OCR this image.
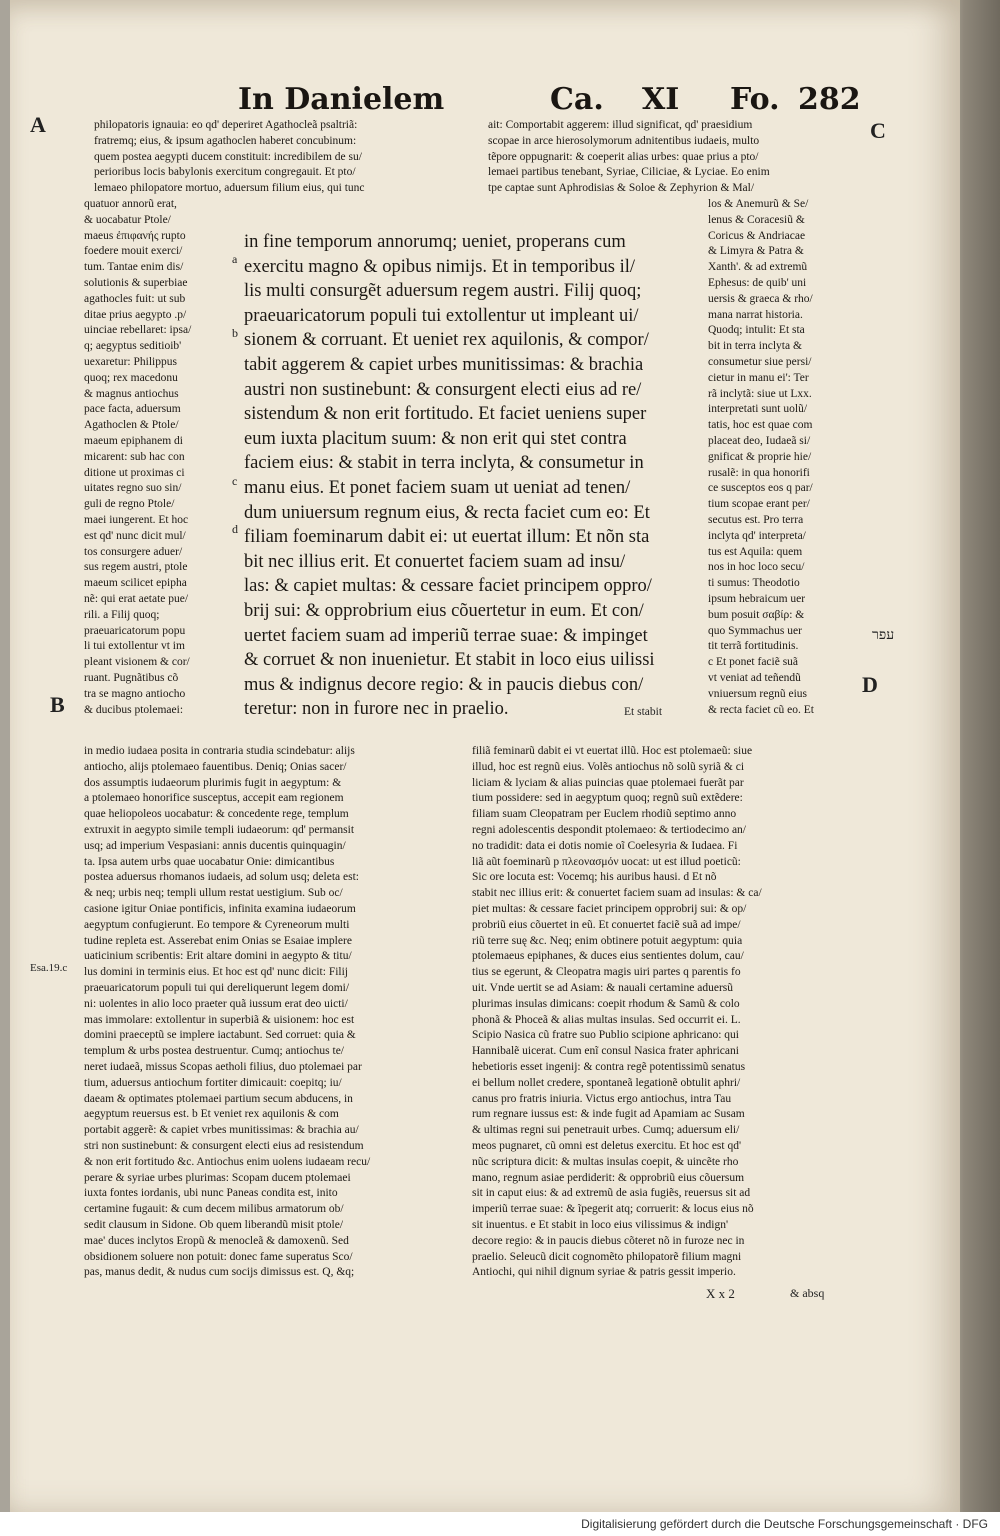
In Danielem	Ca. XI Fo. 282
A	C
B
D
philopatoris ignauia: eo qd' deperiret Agathocleã psaltriã:
fratremq; eius, & ipsum agathoclen haberet concubinum:
quem postea aegypti ducem constituit: incredibilem de su/
perioribus locis babylonis exercitum congregauit. Et pto/
lemaeo philopatore mortuo, aduersum filium eius, qui tunc
ait: Comportabit aggerem: illud significat, qd' praesidium
scopae in arce hierosolymorum adnitentibus iudaeis, multo
tẽpore oppugnarit: & coeperit alias urbes: quae prius a pto/
lemaei partibus tenebant, Syriae, Ciliciae, & Lyciae. Eo enim
tpe captae sunt Aphrodisias & Soloe & Zephyrion & Mal/
quatuor annorũ erat,
& uocabatur Ptole/
maeus ἐπιφανής rupto
foedere mouit exerci/
tum. Tantae enim dis/
solutionis & superbiae
agathocles fuit: ut sub
ditae prius aegypto .p/
uinciae rebellaret: ipsa/
q; aegyptus seditioib'
uexaretur: Philippus
quoq; rex macedonu
& magnus antiochus
pace facta, aduersum
Agathoclen & Ptole/
maeum epiphanem di
micarent: sub hac con
ditione ut proximas ci
uitates regno suo sin/
guli de regno Ptole/
maei iungerent. Et hoc
est qd' nunc dicit mul/
tos consurgere aduer/
sus regem austri, ptole
maeum scilicet epipha
nẽ: qui erat aetate pue/
rili. a Filij quoq;
praeuaricatorum popu
li tui extollentur vt im
pleant visionem & cor/
ruant. Pugnãtibus cõ
tra se magno antiocho
& ducibus ptolemaei:
a
b
c
d
in fine temporum annorumq; ueniet, properans cum
exercitu magno & opibus nimijs. Et in temporibus il/
lis multi consurgẽt aduersum regem austri. Filij quoq;
praeuaricatorum populi tui extollentur ut impleant ui/
sionem & corruant. Et ueniet rex aquilonis, & compor/
tabit aggerem & capiet urbes munitissimas: & brachia
austri non sustinebunt: & consurgent electi eius ad re/
sistendum & non erit fortitudo. Et faciet ueniens super
eum iuxta placitum suum: & non erit qui stet contra
faciem eius: & stabit in terra inclyta, & consumetur in
manu eius. Et ponet faciem suam ut ueniat ad tenen/
dum uniuersum regnum eius, & recta faciet cum eo: Et
filiam foeminarum dabit ei: ut euertat illum: Et nõn sta
bit nec illius erit. Et conuertet faciem suam ad insu/
las: & capiet multas: & cessare faciet principem oppro/
brij sui: & opprobrium eius cõuertetur in eum. Et con/
uertet faciem suam ad imperiũ terrae suae: & impinget
& corruet & non inuenietur. Et stabit in loco eius uilissi
mus & indignus decore regio: & in paucis diebus con/
teretur: non in furore nec in praelio.
los & Anemurũ & Se/
lenus & Coracesiũ &
Coricus & Andriacae
& Limyra & Patra &
Xanth'. & ad extremũ
Ephesus: de quib' uni
uersis & graeca & rho/
mana narrat historia.
Quodq; intulit: Et sta
bit in terra inclyta &
consumetur siue persi/
cietur in manu ei': Ter
rã inclytã: siue ut Lxx.
interpretati sunt uolũ/
tatis, hoc est quae com
placeat deo, Iudaeã si/
gnificat & proprie hie/
rusalẽ: in qua honorifi
ce susceptos eos q par/
tium scopae erant per/
secutus est. Pro terra
inclyta qd' interpreta/
tus est Aquila: quem
nos in hoc loco secu/
ti sumus: Theodotio
ipsum hebraicum uer
bum posuit σαβίρ: &
quo Symmachus uer
tit terrã fortitudinis.
c Et ponet faciẽ suã
vt veniat ad teñendũ
vniuersum regnũ eius
& recta faciet cũ eo. Et
עפר
Et stabit
Esa.19.c
in medio iudaea posita in contraria studia scindebatur: alijs
antiocho, alijs ptolemaeo fauentibus. Deniq; Onias sacer/
dos assumptis iudaeorum plurimis fugit in aegyptum: &
a ptolemaeo honorifice susceptus, accepit eam regionem
quae heliopoleos uocabatur: & concedente rege, templum
extruxit in aegypto simile templi iudaeorum: qd' permansit
usq; ad imperium Vespasiani: annis ducentis quinquagin/
ta. Ipsa autem urbs quae uocabatur Onie: dimicantibus
postea aduersus rhomanos iudaeis, ad solum usq; deleta est:
& neq; urbis neq; templi ullum restat uestigium. Sub oc/
casione igitur Oniae pontificis, infinita examina iudaeorum
aegyptum confugierunt. Eo tempore & Cyreneorum multi
tudine repleta est. Asserebat enim Onias se Esaiae implere
uaticinium scribentis: Erit altare domini in aegypto & titu/
lus domini in terminis eius. Et hoc est qd' nunc dicit: Filij
praeuaricatorum populi tui qui dereliquerunt legem domi/
ni: uolentes in alio loco praeter quã iussum erat deo uicti/
mas immolare: extollentur in superbiã & uisionem: hoc est
domini praeceptũ se implere iactabunt. Sed corruet: quia &
templum & urbs postea destruentur. Cumq; antiochus te/
neret iudaeã, missus Scopas aetholi filius, duo ptolemaei par
tium, aduersus antiochum fortiter dimicauit: coepitq; iu/
daeam & optimates ptolemaei partium secum abducens, in
aegyptum reuersus est. b Et veniet rex aquilonis & com
portabit aggerẽ: & capiet vrbes munitissimas: & brachia au/
stri non sustinebunt: & consurgent electi eius ad resistendum
& non erit fortitudo &c. Antiochus enim uolens iudaeam recu/
perare & syriae urbes plurimas: Scopam ducem ptolemaei
iuxta fontes iordanis, ubi nunc Paneas condita est, inito
certamine fugauit: & cum decem milibus armatorum ob/
sedit clausum in Sidone. Ob quem liberandũ misit ptole/
mae' duces inclytos Eropũ & menocleã & damoxenũ. Sed
obsidionem soluere non potuit: donec fame superatus Sco/
pas, manus dedit, & nudus cum socijs dimissus est. Q, &q;
filiã feminarũ dabit ei vt euertat illũ. Hoc est ptolemaeũ: siue
illud, hoc est regnũ eius. Volẽs antiochus nõ solũ syriã & ci
liciam & lyciam & alias puincias quae ptolemaei fuerãt par
tium possidere: sed in aegyptum quoq; regnũ suũ extẽdere:
filiam suam Cleopatram per Euclem rhodiũ septimo anno
regni adolescentis despondit ptolemaeo: & tertiodecimo an/
no tradidit: data ei dotis nomie oĩ Coelesyria & Iudaea. Fi
liã aũt foeminarũ p πλεονασμόν uocat: ut est illud poeticũ:
Sic ore locuta est: Vocemq; his auribus hausi. d Et nõ
stabit nec illius erit: & conuertet faciem suam ad insulas: & ca/
piet multas: & cessare faciet principem opprobrij sui: & op/
probriũ eius cõuertet in eũ. Et conuertet faciẽ suã ad impe/
riũ terre suę &c. Neq; enim obtinere potuit aegyptum: quia
ptolemaeus epiphanes, & duces eius sentientes dolum, cau/
tius se egerunt, & Cleopatra magis uiri partes q parentis fo
uit. Vnde uertit se ad Asiam: & nauali certamine aduersũ
plurimas insulas dimicans: coepit rhodum & Samũ & colo
phonã & Phoceã & alias multas insulas. Sed occurrit ei. L.
Scipio Nasica cũ fratre suo Publio scipione aphricano: qui
Hannibalẽ uicerat. Cum enĩ consul Nasica frater aphricani
hebetioris esset ingenij: & contra regẽ potentissimũ senatus
ei bellum nollet credere, spontaneã legationẽ obtulit aphri/
canus pro fratris iniuria. Victus ergo antiochus, intra Tau
rum regnare iussus est: & inde fugit ad Apamiam ac Susam
& ultimas regni sui penetrauit urbes. Cumq; aduersum eli/
meos pugnaret, cũ omni est deletus exercitu. Et hoc est qd'
nũc scriptura dicit: & multas insulas coepit, & uincẽte rho
mano, regnum asiae perdiderit: & opprobriũ eius cõuersum
sit in caput eius: & ad extremũ de asia fugiẽs, reuersus sit ad
imperiũ terrae suae: & ĩpegerit atq; corruerit: & locus eius nõ
sit inuentus. e Et stabit in loco eius vilissimus & indign'
decore regio: & in paucis diebus cõteret nõ in furoze nec in
praelio. Seleucũ dicit cognomẽto philopatorẽ filium magni
Antiochi, qui nihil dignum syriae & patris gessit imperio.
X x 2	& absq
Digitalisierung gefördert durch die Deutsche Forschungsgemeinschaft · DFG
